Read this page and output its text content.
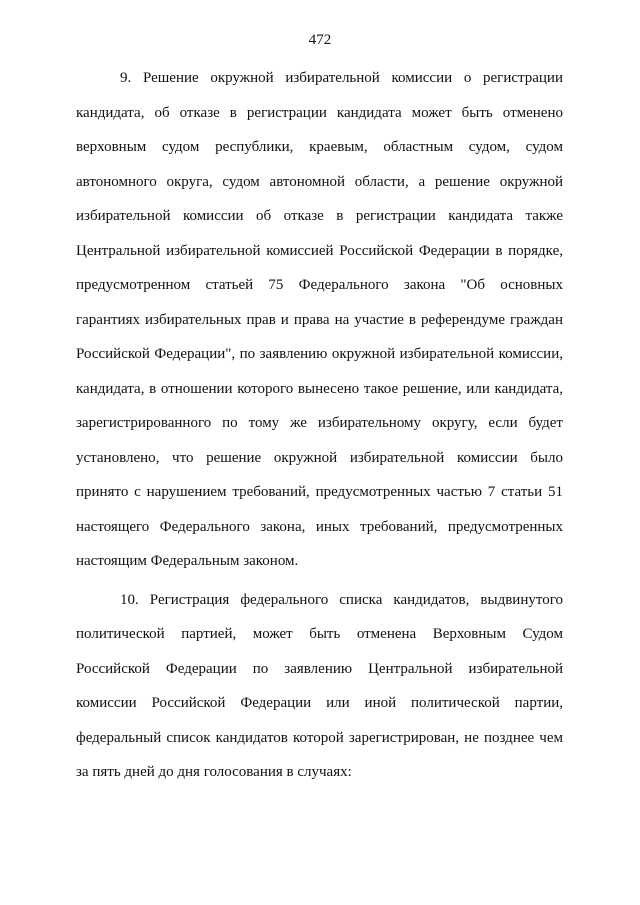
472
9. Решение окружной избирательной комиссии о регистрации
кандидата, об отказе в регистрации кандидата может быть отменено
верховным судом республики, краевым, областным судом, судом
автономного округа, судом автономной области, а решение окружной
избирательной комиссии об отказе в регистрации кандидата также
Центральной избирательной комиссией Российской Федерации в порядке,
предусмотренном статьей 75 Федерального закона "Об основных
гарантиях избирательных прав и права на участие в референдуме граждан
Российской Федерации", по заявлению окружной избирательной комиссии,
кандидата, в отношении которого вынесено такое решение, или кандидата,
зарегистрированного по тому же избирательному округу, если будет
установлено, что решение окружной избирательной комиссии было
принято с нарушением требований, предусмотренных частью 7 статьи 51
настоящего Федерального закона, иных требований, предусмотренных
настоящим Федеральным законом.
10. Регистрация федерального списка кандидатов, выдвинутого
политической партией, может быть отменена Верховным Судом
Российской Федерации по заявлению Центральной избирательной
комиссии Российской Федерации или иной политической партии,
федеральный список кандидатов которой зарегистрирован, не позднее чем
за пять дней до дня голосования в случаях:
